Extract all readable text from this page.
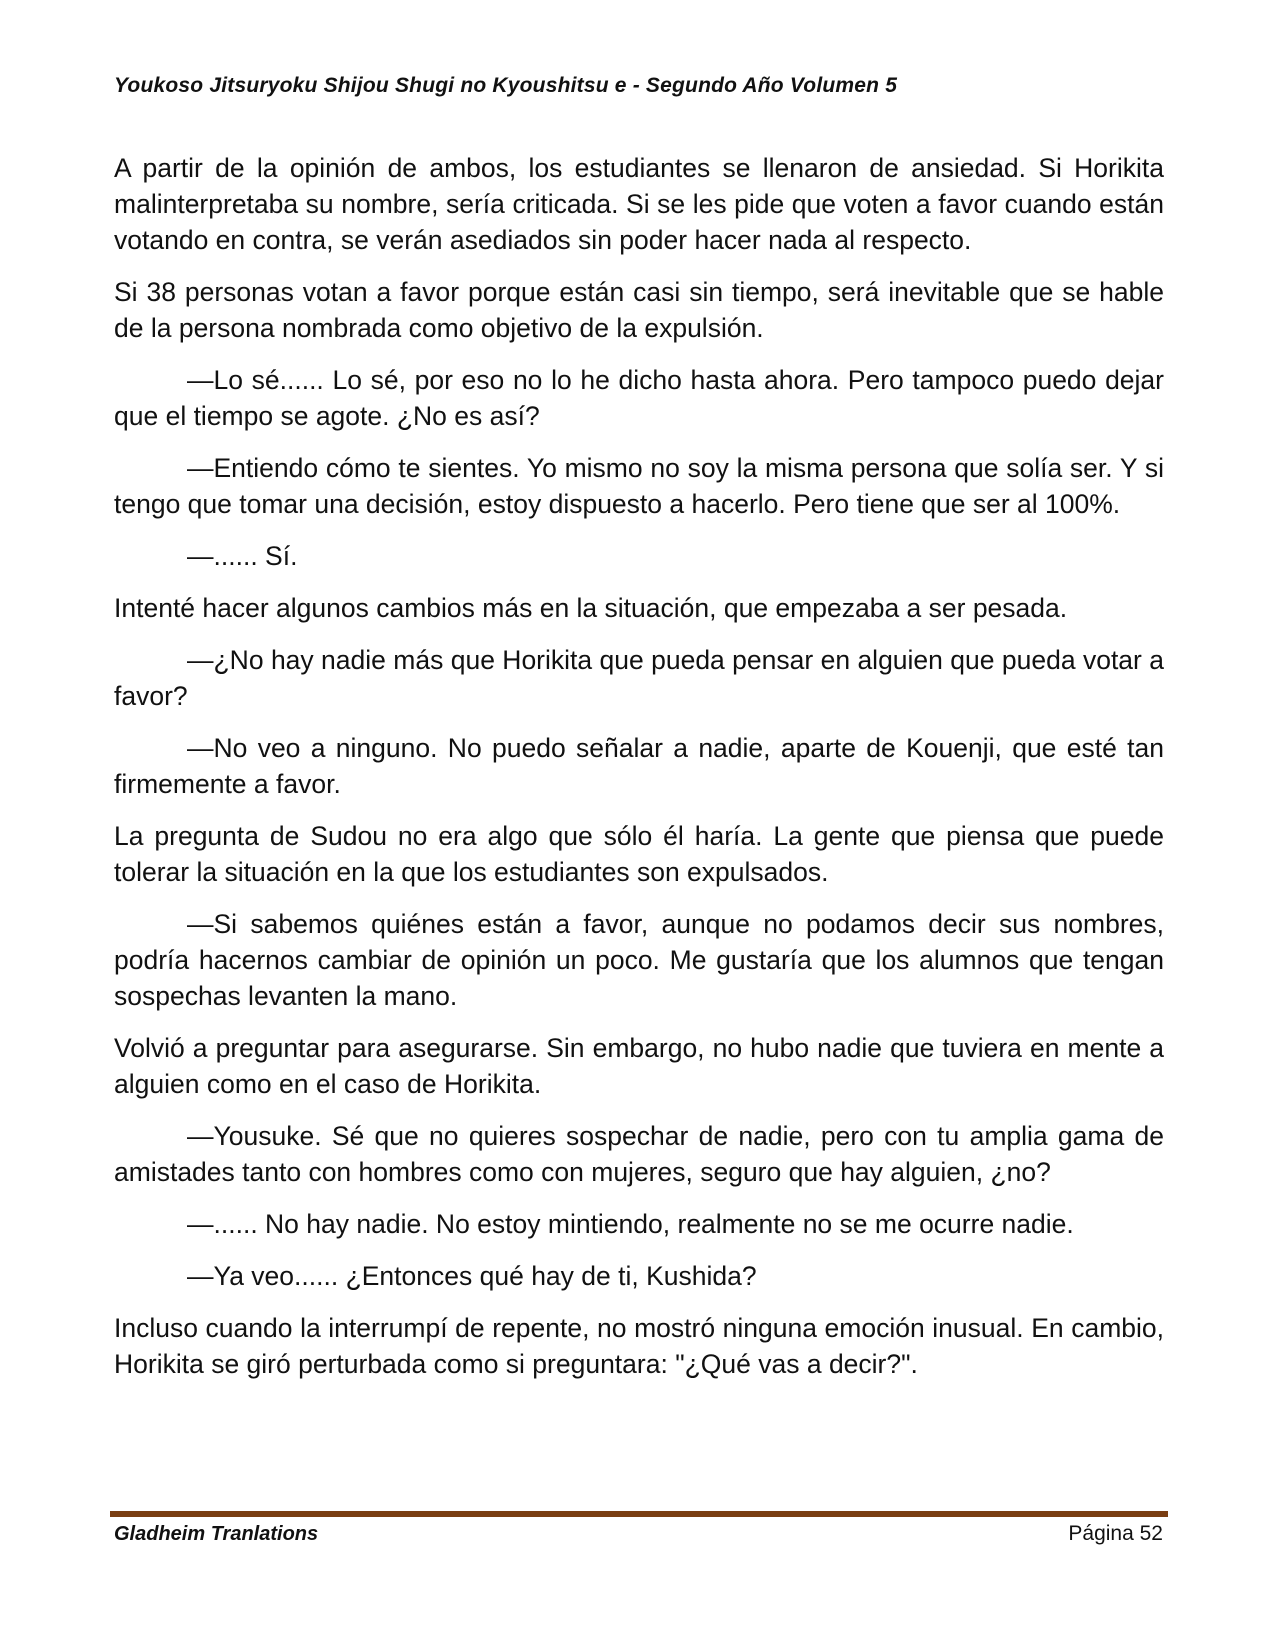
Youkoso Jitsuryoku Shijou Shugi no Kyoushitsu e - Segundo Año Volumen 5

A partir de la opinión de ambos, los estudiantes se llenaron de ansiedad. Si Horikita malinterpretaba su nombre, sería criticada. Si se les pide que voten a favor cuando están votando en contra, se verán asediados sin poder hacer nada al respecto.

Si 38 personas votan a favor porque están casi sin tiempo, será inevitable que se hable de la persona nombrada como objetivo de la expulsión.

—Lo sé...... Lo sé, por eso no lo he dicho hasta ahora. Pero tampoco puedo dejar que el tiempo se agote. ¿No es así?

—Entiendo cómo te sientes. Yo mismo no soy la misma persona que solía ser. Y si tengo que tomar una decisión, estoy dispuesto a hacerlo. Pero tiene que ser al 100%.

—...... Sí.

Intenté hacer algunos cambios más en la situación, que empezaba a ser pesada.

—¿No hay nadie más que Horikita que pueda pensar en alguien que pueda votar a favor?

—No veo a ninguno. No puedo señalar a nadie, aparte de Kouenji, que esté tan firmemente a favor.

La pregunta de Sudou no era algo que sólo él haría. La gente que piensa que puede tolerar la situación en la que los estudiantes son expulsados.

—Si sabemos quiénes están a favor, aunque no podamos decir sus nombres, podría hacernos cambiar de opinión un poco. Me gustaría que los alumnos que tengan sospechas levanten la mano.

Volvió a preguntar para asegurarse. Sin embargo, no hubo nadie que tuviera en mente a alguien como en el caso de Horikita.

—Yousuke. Sé que no quieres sospechar de nadie, pero con tu amplia gama de amistades tanto con hombres como con mujeres, seguro que hay alguien, ¿no?

—...... No hay nadie. No estoy mintiendo, realmente no se me ocurre nadie.

—Ya veo...... ¿Entonces qué hay de ti, Kushida?

Incluso cuando la interrumpí de repente, no mostró ninguna emoción inusual. En cambio, Horikita se giró perturbada como si preguntara: "¿Qué vas a decir?".

Gladheim Tranlations	Página 52
